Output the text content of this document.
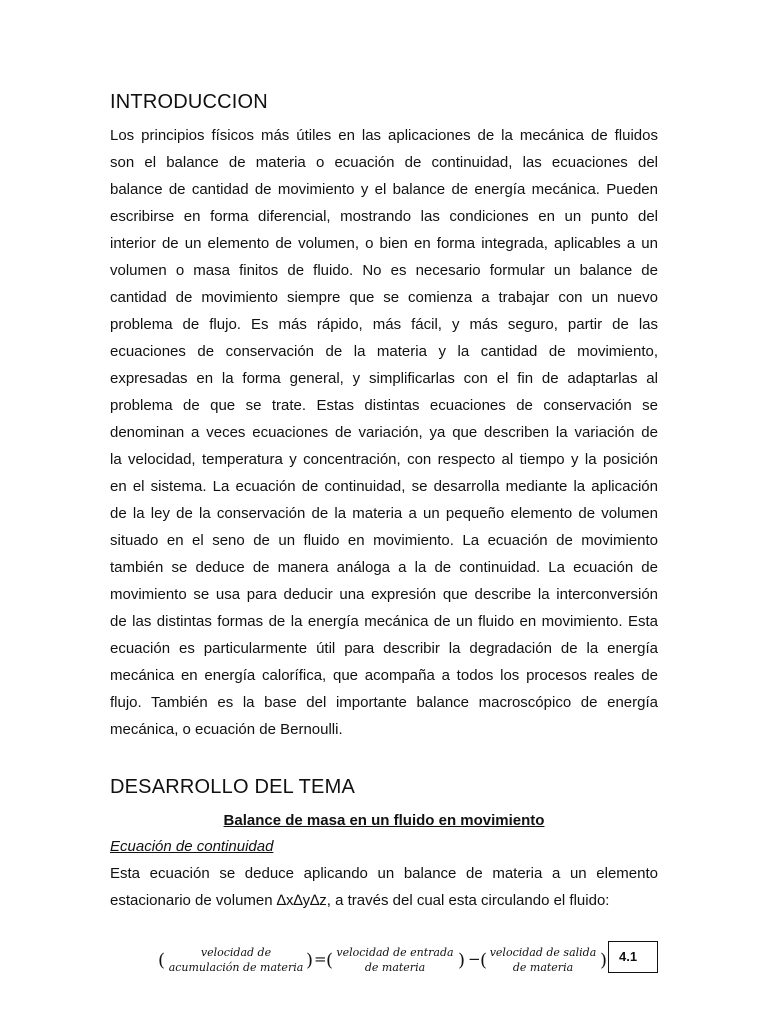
INTRODUCCION
Los principios físicos más útiles en las aplicaciones de la mecánica de fluidos
son el balance de materia o ecuación de continuidad, las ecuaciones del
balance de cantidad de movimiento y el balance de energía mecánica. Pueden
escribirse en forma diferencial, mostrando las condiciones en un punto del
interior de un elemento de volumen, o bien en forma integrada, aplicables a un
volumen o masa finitos de fluido. No es necesario formular un balance de
cantidad de movimiento siempre que se comienza a trabajar con un nuevo
problema de flujo. Es más rápido, más fácil, y más seguro, partir de las
ecuaciones de conservación de la materia y la cantidad de movimiento,
expresadas en la forma general, y simplificarlas con el fin de adaptarlas al
problema de que se trate. Estas distintas ecuaciones de conservación se
denominan a veces ecuaciones de variación, ya que describen la variación de
la velocidad, temperatura y concentración, con respecto al tiempo y la posición
en el sistema. La ecuación de continuidad, se desarrolla mediante la aplicación
de la ley de la conservación de la materia a un pequeño elemento de volumen
situado en el seno de un fluido en movimiento. La ecuación de movimiento
también se deduce de manera análoga a la de continuidad. La ecuación de
movimiento se usa para deducir una expresión que describe la interconversión
de las distintas formas de la energía mecánica de un fluido en movimiento. Esta
ecuación es particularmente útil para describir la degradación de la energía
mecánica en energía calorífica, que acompaña a todos los procesos reales de
flujo. También es la base del importante balance macroscópico de energía
mecánica, o ecuación de Bernoulli.
DESARROLLO DEL TEMA
Balance de masa en un fluido en movimiento
Ecuación de continuidad
Esta ecuación se deduce aplicando un balance de materia a un elemento
estacionario de volumen ∆x∆y∆z, a través del cual esta circulando el fluido:
(	velocidad de
acumulación de materia ) = ( velocidad de entrada
de materia	) − ( velocidad de salida
de materia	) 4.1
